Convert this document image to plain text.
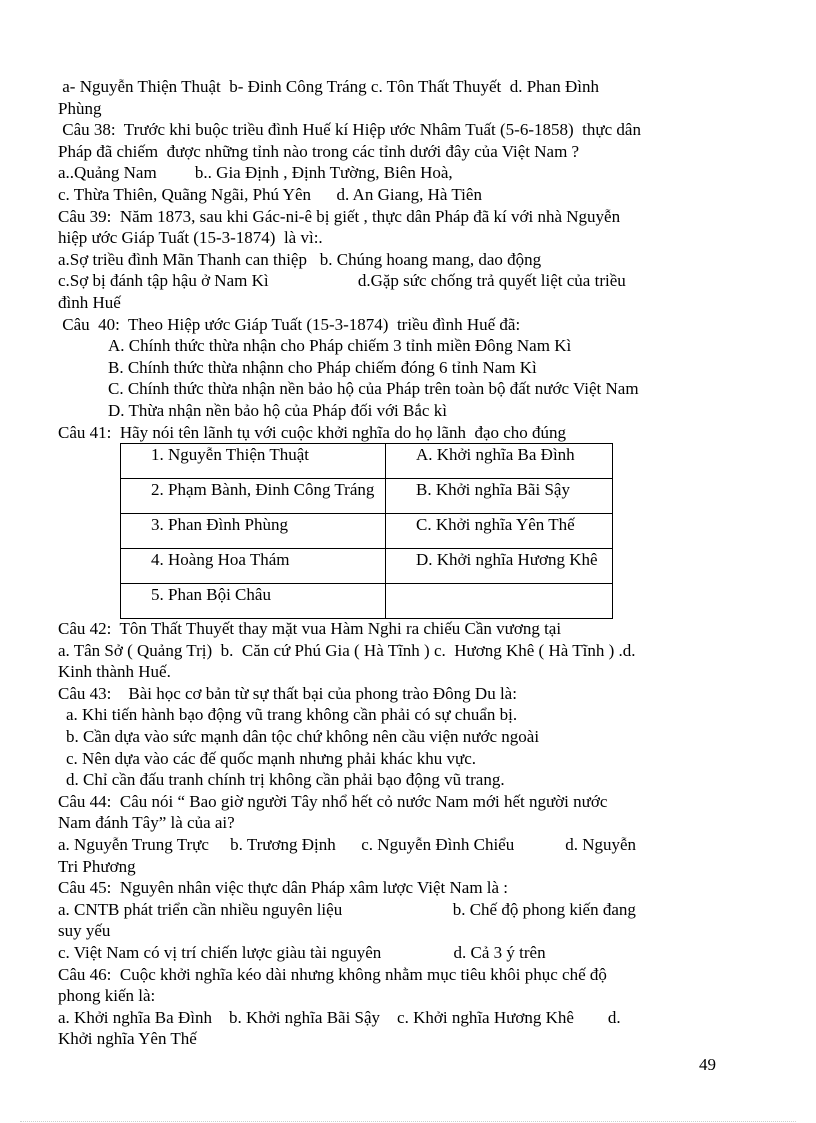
a- Nguyễn Thiện Thuật  b- Đinh Công Tráng c. Tôn Thất Thuyết  d. Phan Đình

Phùng

Câu 38:  Trước khi buộc triều đình Huế kí Hiệp ước Nhâm Tuất (5-6-1858)  thực dân

Pháp đã chiếm  được những tỉnh nào trong các tỉnh dưới đây của Việt Nam ?

a..Quảng Nam         b.. Gia Định , Định Tường, Biên Hoà,

c. Thừa Thiên, Quãng Ngãi, Phú Yên      d. An Giang, Hà Tiên

Câu 39:  Năm 1873, sau khi Gác-ni-ê bị giết , thực dân Pháp đã kí với nhà Nguyễn

hiệp ước Giáp Tuất (15-3-1874)  là vì:.

a.Sợ triều đình Mãn Thanh can thiệp   b. Chúng hoang mang, dao động

c.Sợ bị đánh tập hậu ở Nam Kì                     d.Gặp sức chống trả quyết liệt của triều

đình Huế

Câu  40:  Theo Hiệp ước Giáp Tuất (15-3-1874)  triều đình Huế đã:

A. Chính thức thừa nhận cho Pháp chiếm 3 tỉnh miền Đông Nam Kì

B. Chính thức thừa nhậnn cho Pháp chiếm đóng 6 tỉnh Nam Kì

C. Chính thức thừa nhận nền bảo hộ của Pháp trên toàn bộ đất nước Việt Nam

D. Thừa nhận nền bảo hộ của Pháp đối với Bắc kì

Câu 41:  Hãy nói tên lãnh tụ với cuộc khởi nghĩa do họ lãnh  đạo cho đúng

1. Nguyễn Thiện Thuật	A. Khởi nghĩa Ba Đình
2. Phạm Bành, Đinh Công Tráng	B. Khởi nghĩa Bãi Sậy
3. Phan Đình Phùng	C. Khởi nghĩa Yên Thế
4. Hoàng Hoa Thám	D. Khởi nghĩa Hương Khê
5. Phan Bội Châu	

Câu 42:  Tôn Thất Thuyết thay mặt vua Hàm Nghi ra chiếu Cần vương tại

a. Tân Sở ( Quảng Trị)  b.  Căn cứ Phú Gia ( Hà Tĩnh ) c.  Hương Khê ( Hà Tĩnh ) .d.

Kinh thành Huế.

Câu 43:    Bài học cơ bản từ sự thất bại của phong trào Đông Du là:

a. Khi tiến hành bạo động vũ trang không cần phải có sự chuẩn bị.

b. Cần dựa vào sức mạnh dân tộc chứ không nên cầu viện nước ngoài

c. Nên dựa vào các đế quốc mạnh nhưng phải khác khu vực.

d. Chỉ cần đấu tranh chính trị không cần phải bạo động vũ trang.

Câu 44:  Câu nói “ Bao giờ người Tây nhổ hết cỏ nước Nam mới hết người nước

Nam đánh Tây” là của ai?

a. Nguyễn Trung Trực     b. Trương Định      c. Nguyễn Đình Chiểu            d. Nguyễn

Tri Phương

Câu 45:  Nguyên nhân việc thực dân Pháp xâm lược Việt Nam là :

a. CNTB phát triển cần nhiều nguyên liệu                          b. Chế độ phong kiến đang

suy yếu

c. Việt Nam có vị trí chiến lược giàu tài nguyên                 d. Cả 3 ý trên

Câu 46:  Cuộc khởi nghĩa kéo dài nhưng không nhằm mục tiêu khôi phục chế độ

phong kiến là:

a. Khởi nghĩa Ba Đình    b. Khởi nghĩa Bãi Sậy    c. Khởi nghĩa Hương Khê        d.

Khởi nghĩa Yên Thế

49
